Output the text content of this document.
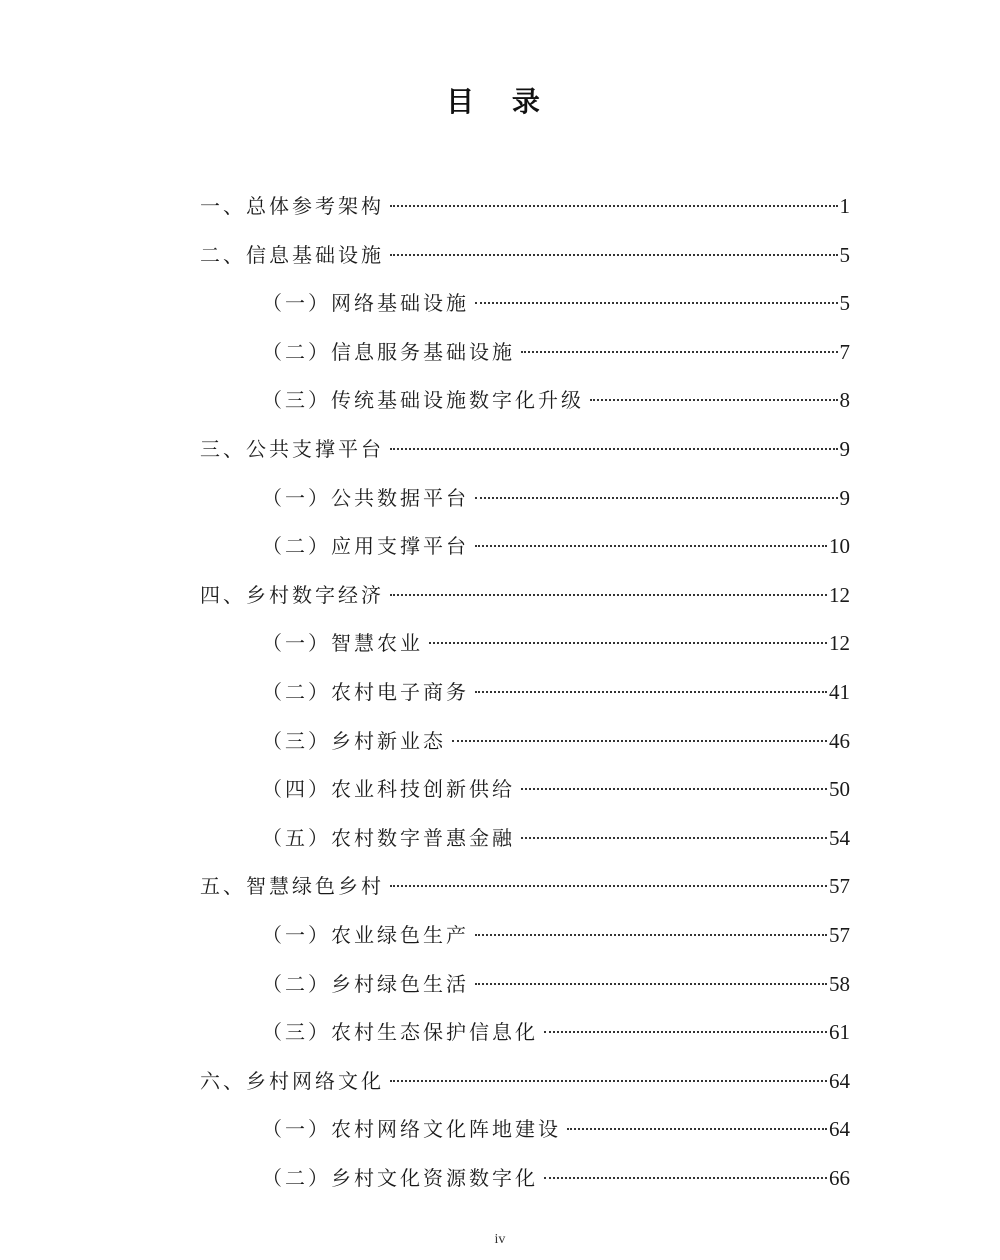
目 录
一、总体参考架构	1
二、信息基础设施	5
（一）网络基础设施	5
（二）信息服务基础设施	7
（三）传统基础设施数字化升级	8
三、公共支撑平台	9
（一）公共数据平台	9
（二）应用支撑平台	10
四、乡村数字经济	12
（一）智慧农业	12
（二）农村电子商务	41
（三）乡村新业态	46
（四）农业科技创新供给	50
（五）农村数字普惠金融	54
五、智慧绿色乡村	57
（一）农业绿色生产	57
（二）乡村绿色生活	58
（三）农村生态保护信息化	61
六、乡村网络文化	64
（一）农村网络文化阵地建设	64
（二）乡村文化资源数字化	66
iv
